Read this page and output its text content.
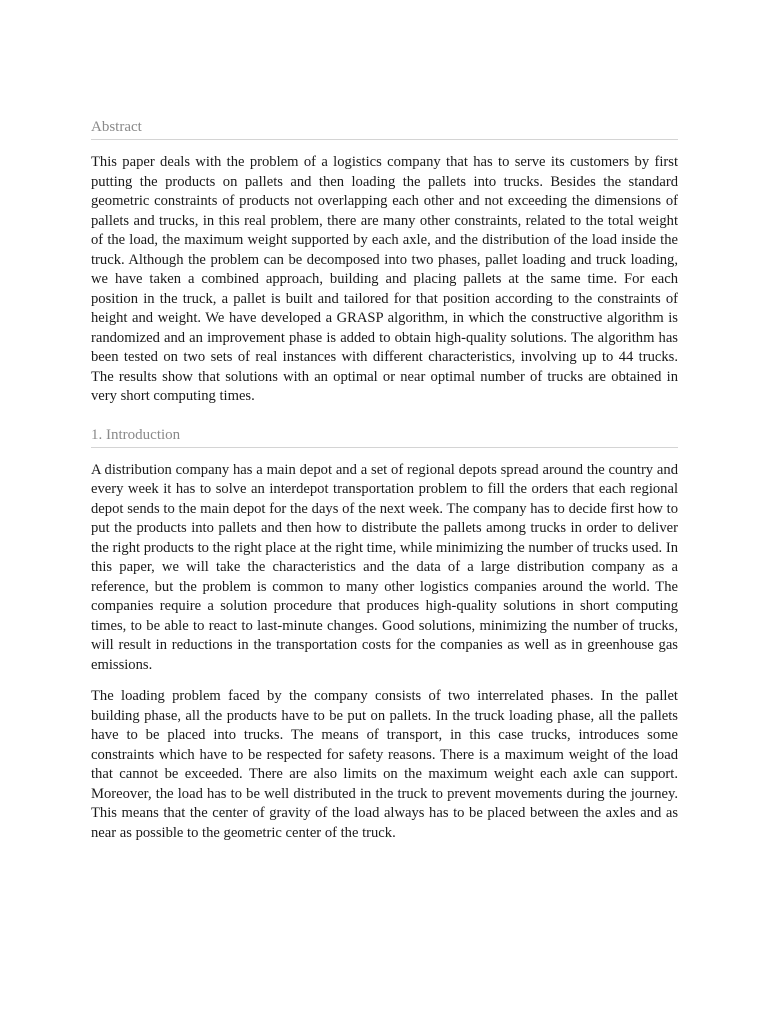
Abstract

This paper deals with the problem of a logistics company that has to serve its customers by first putting the products on pallets and then loading the pallets into trucks. Besides the standard geometric constraints of products not overlapping each other and not exceeding the dimensions of pallets and trucks, in this real problem, there are many other constraints, related to the total weight of the load, the maximum weight supported by each axle, and the distribution of the load inside the truck. Although the problem can be decomposed into two phases, pallet loading and truck loading, we have taken a combined approach, building and placing pallets at the same time. For each position in the truck, a pallet is built and tailored for that position according to the constraints of height and weight. We have developed a GRASP algorithm, in which the constructive algorithm is randomized and an improvement phase is added to obtain high-quality solutions. The algorithm has been tested on two sets of real instances with different characteristics, involving up to 44 trucks. The results show that solutions with an optimal or near optimal number of trucks are obtained in very short computing times.

1. Introduction

A distribution company has a main depot and a set of regional depots spread around the country and every week it has to solve an interdepot transportation problem to fill the orders that each regional depot sends to the main depot for the days of the next week. The company has to decide first how to put the products into pallets and then how to distribute the pallets among trucks in order to deliver the right products to the right place at the right time, while minimizing the number of trucks used. In this paper, we will take the characteristics and the data of a large distribution company as a reference, but the problem is common to many other logistics companies around the world. The companies require a solution procedure that produces high-quality solutions in short computing times, to be able to react to last-minute changes. Good solutions, minimizing the number of trucks, will result in reductions in the transportation costs for the companies as well as in greenhouse gas emissions.

The loading problem faced by the company consists of two interrelated phases. In the pallet building phase, all the products have to be put on pallets. In the truck loading phase, all the pallets have to be placed into trucks. The means of transport, in this case trucks, introduces some constraints which have to be respected for safety reasons. There is a maximum weight of the load that cannot be exceeded. There are also limits on the maximum weight each axle can support. Moreover, the load has to be well distributed in the truck to prevent movements during the journey. This means that the center of gravity of the load always has to be placed between the axles and as near as possible to the geometric center of the truck.
